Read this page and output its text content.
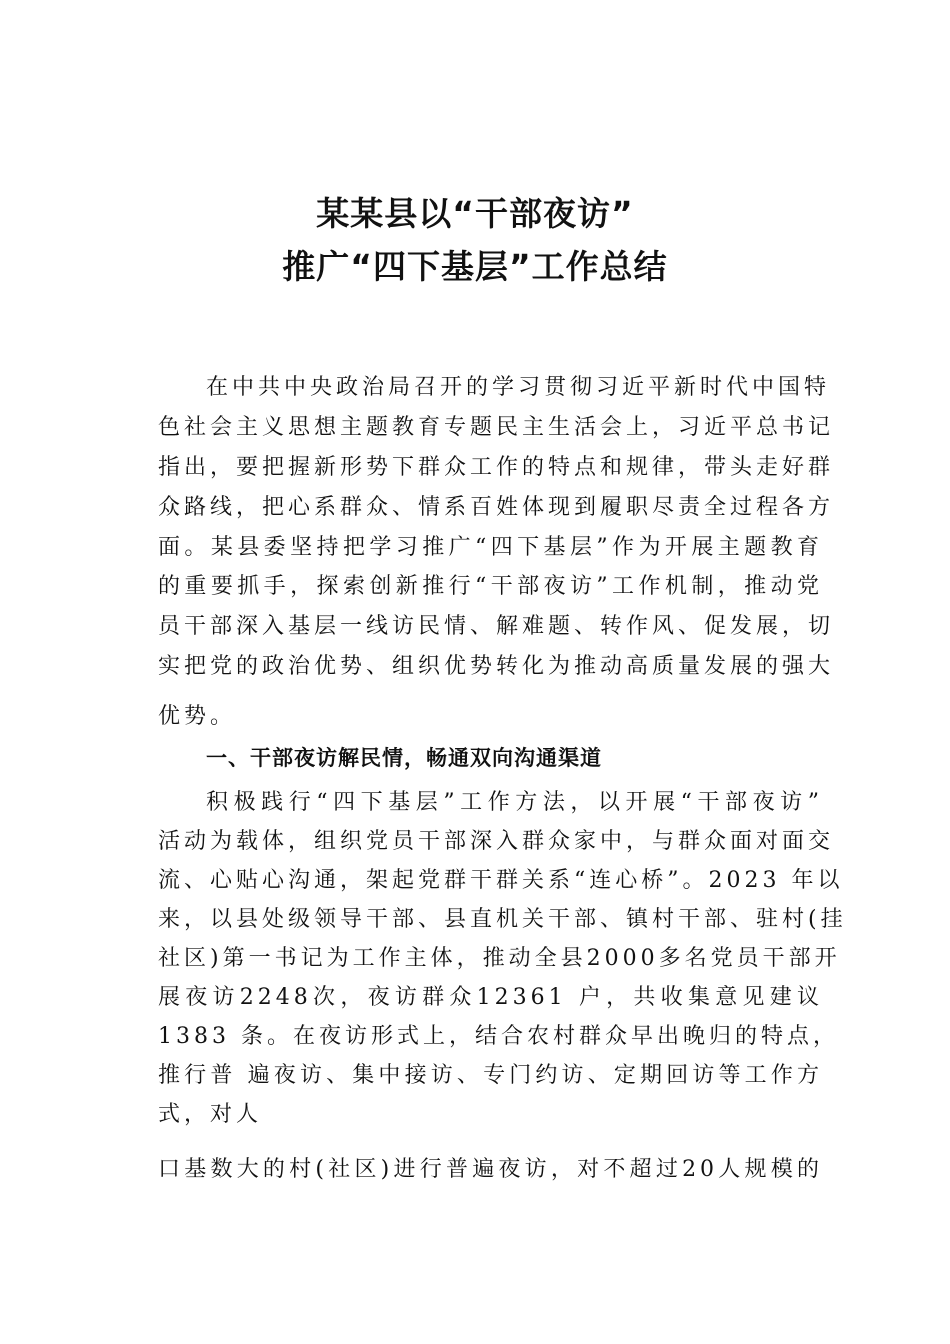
某某县以“干部夜访”
推广“四下基层”工作总结
在中共中央政治局召开的学习贯彻习近平新时代中国特
色社会主义思想主题教育专题民主生活会上，习近平总书记
指出，要把握新形势下群众工作的特点和规律，带头走好群
众路线，把心系群众、情系百姓体现到履职尽责全过程各方
面。某县委坚持把学习推广“四下基层”作为开展主题教育
的重要抓手，探索创新推行“干部夜访”工作机制，推动党
员干部深入基层一线访民情、解难题、转作风、促发展，切
实把党的政治优势、组织优势转化为推动高质量发展的强大
优势。
一、干部夜访解民情，畅通双向沟通渠道
积极践行“四下基层”工作方法，以开展“干部夜访”
活动为载体，组织党员干部深入群众家中，与群众面对面交
流、心贴心沟通，架起党群干群关系“连心桥”。2023 年以
来，以县处级领导干部、县直机关干部、镇村干部、驻村(挂
社区)第一书记为工作主体，推动全县2000多名党员干部开
展夜访2248次，夜访群众12361 户，共收集意见建议
1383 条。在夜访形式上，结合农村群众早出晚归的特点，
推行普 遍夜访、集中接访、专门约访、定期回访等工作方
式，对人
口基数大的村(社区)进行普遍夜访，对不超过20人规模的
